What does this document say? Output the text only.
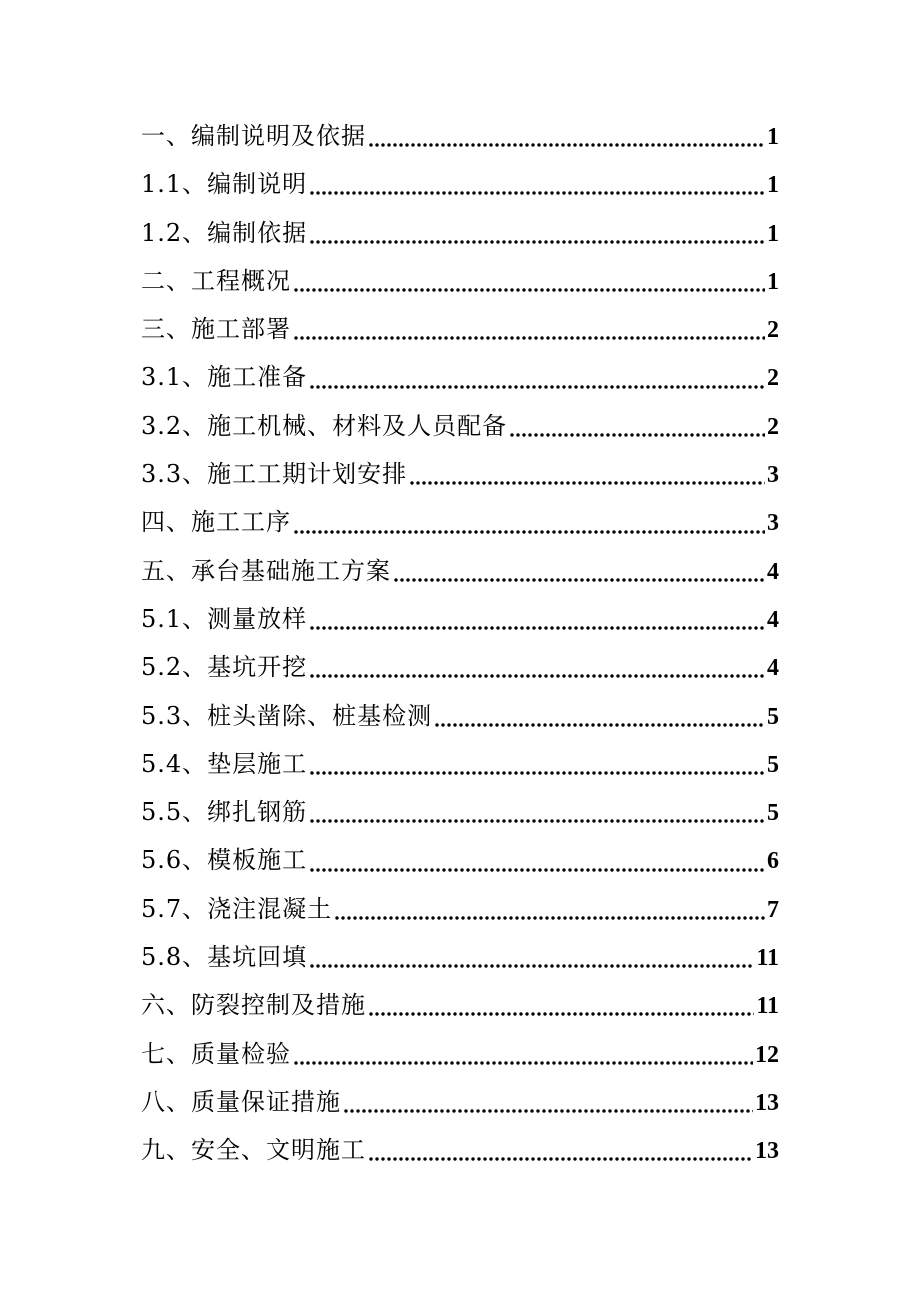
一、编制说明及依据	1
1.1、编制说明	1
1.2、编制依据	1
二、工程概况	1
三、施工部署	2
3.1、施工准备	2
3.2、施工机械、材料及人员配备	2
3.3、施工工期计划安排	3
四、施工工序	3
五、承台基础施工方案	4
5.1、测量放样	4
5.2、基坑开挖	4
5.3、桩头凿除、桩基检测	5
5.4、垫层施工	5
5.5、绑扎钢筋	5
5.6、模板施工	6
5.7、浇注混凝土	7
5.8、基坑回填	11
六、防裂控制及措施	11
七、质量检验	12
八、质量保证措施	13
九、安全、文明施工	13
